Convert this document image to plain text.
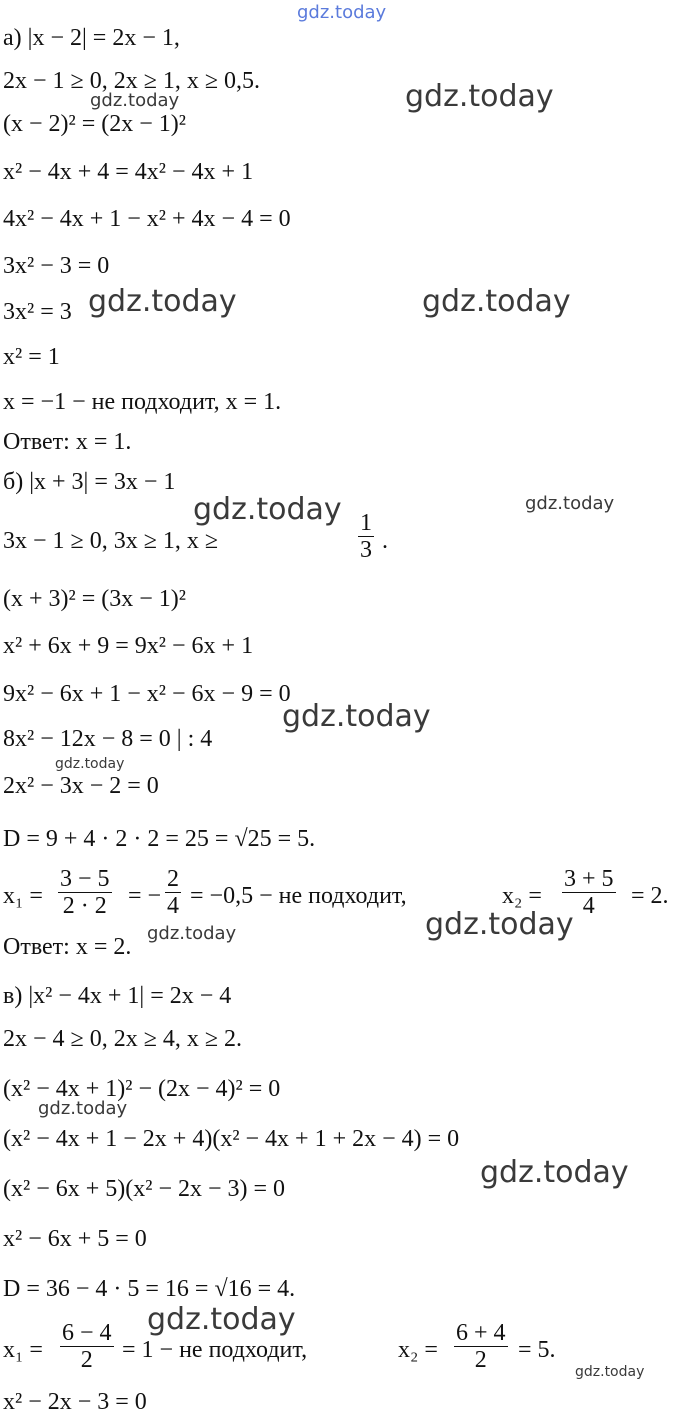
gdz.today
gdz.today
gdz.today
gdz.today	gdz.today
gdz.today	gdz.today
gdz.today
gdz.today
gdz.today	gdz.today
gdz.today
gdz.today
gdz.today
gdz.today
а) |x − 2| = 2x − 1,
2x − 1 ≥ 0, 2x ≥ 1, x ≥ 0,5.
(x − 2)² = (2x − 1)²
x² − 4x + 4 = 4x² − 4x + 1
4x² − 4x + 1 − x² + 4x − 4 = 0
3x² − 3 = 0
3x² = 3
x² = 1
x = −1 − не подходит, x = 1.
Ответ: x = 1.
б) |x + 3| = 3x − 1
3x − 1 ≥ 0, 3x ≥ 1, x ≥	$\frac{1}{3}$ .
(x + 3)² = (3x − 1)²
x² + 6x + 9 = 9x² − 6x + 1
9x² − 6x + 1 − x² − 6x − 9 = 0
8x² − 12x − 8 = 0 | : 4
2x² − 3x − 2 = 0
D = 9 + 4 · 2 · 2 = 25 = √25 = 5.
$x_1 = \frac{3 - 5}{2 \cdot 2}$ = − $\frac{2}{4} = -0,5$ − не подходит,	$x_2 = \frac{3 + 5}{4} = 2$.
Ответ: x = 2.
в) |x² − 4x + 1| = 2x − 4
2x − 4 ≥ 0, 2x ≥ 4, x ≥ 2.
(x² − 4x + 1)² − (2x − 4)² = 0
(x² − 4x + 1 − 2x + 4)(x² − 4x + 1 + 2x − 4) = 0
(x² − 6x + 5)(x² − 2x − 3) = 0
x² − 6x + 5 = 0
D = 36 − 4 · 5 = 16 = √16 = 4.
$x_1 = \frac{6 - 4}{2} = 1$ − не подходит,	$x_2 = \frac{6 + 4}{2} = 5$.
x² − 2x − 3 = 0
